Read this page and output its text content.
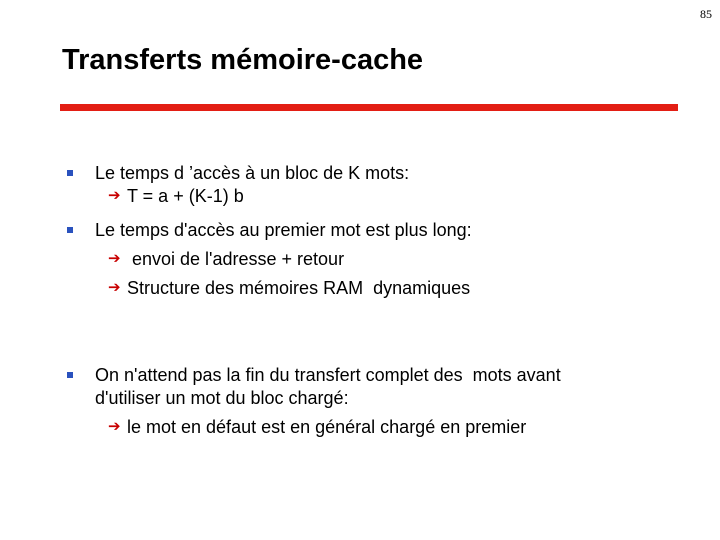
85
Transferts mémoire-cache
Le temps d ’accès à un bloc de K mots:
➔ T = a + (K-1) b
Le temps d'accès au premier mot est plus long:
➔ envoi de l'adresse + retour
➔ Structure des mémoires RAM  dynamiques
On n'attend pas la fin du transfert complet des  mots avant
d'utiliser un mot du bloc chargé:
➔ le mot en défaut est en général chargé en premier
